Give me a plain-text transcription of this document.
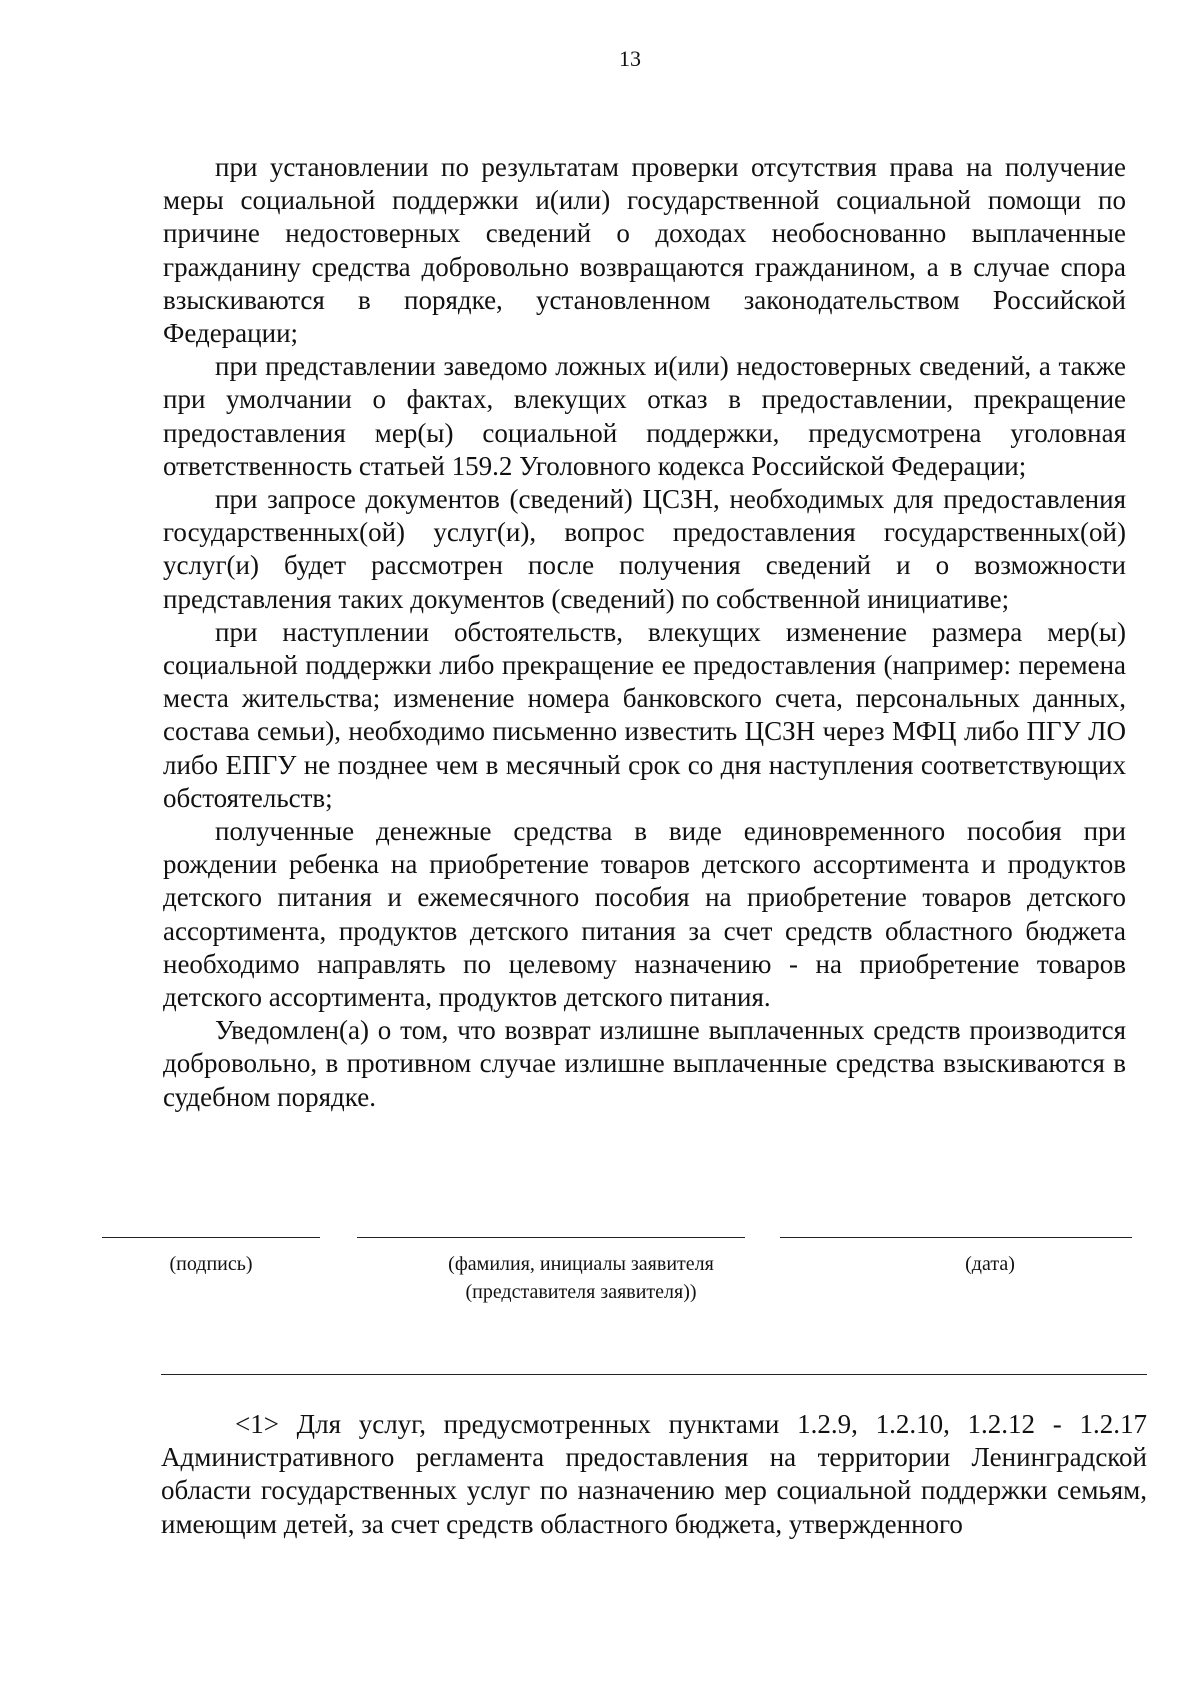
13

при установлении по результатам проверки отсутствия права на получение меры социальной поддержки и(или) государственной социальной помощи по причине недостоверных сведений о доходах необоснованно выплаченные гражданину средства добровольно возвращаются гражданином, а в случае спора взыскиваются в порядке, установленном законодательством Российской Федерации;

при представлении заведомо ложных и(или) недостоверных сведений, а также при умолчании о фактах, влекущих отказ в предоставлении, прекращение предоставления мер(ы) социальной поддержки, предусмотрена уголовная ответственность статьей 159.2 Уголовного кодекса Российской Федерации;

при запросе документов (сведений) ЦСЗН, необходимых для предоставления государственных(ой) услуг(и), вопрос предоставления государственных(ой) услуг(и) будет рассмотрен после получения сведений и о возможности представления таких документов (сведений) по собственной инициативе;

при наступлении обстоятельств, влекущих изменение размера мер(ы) социальной поддержки либо прекращение ее предоставления (например: перемена места жительства; изменение номера банковского счета, персональных данных, состава семьи), необходимо письменно известить ЦСЗН через МФЦ либо ПГУ ЛО либо ЕПГУ не позднее чем в месячный срок со дня наступления соответствующих обстоятельств;

полученные денежные средства в виде единовременного пособия при рождении ребенка на приобретение товаров детского ассортимента и продуктов детского питания и ежемесячного пособия на приобретение товаров детского ассортимента, продуктов детского питания за счет средств областного бюджета необходимо направлять по целевому назначению - на приобретение товаров детского ассортимента, продуктов детского питания.

Уведомлен(а) о том, что возврат излишне выплаченных средств производится добровольно, в противном случае излишне выплаченные средства взыскиваются в судебном порядке.

(подпись)	(фамилия, инициалы заявителя (представителя заявителя))
(дата)

<1> Для услуг, предусмотренных пунктами 1.2.9, 1.2.10, 1.2.12 - 1.2.17 Административного регламента предоставления на территории Ленинградской области государственных услуг по назначению мер социальной поддержки семьям, имеющим детей, за счет средств областного бюджета, утвержденного
